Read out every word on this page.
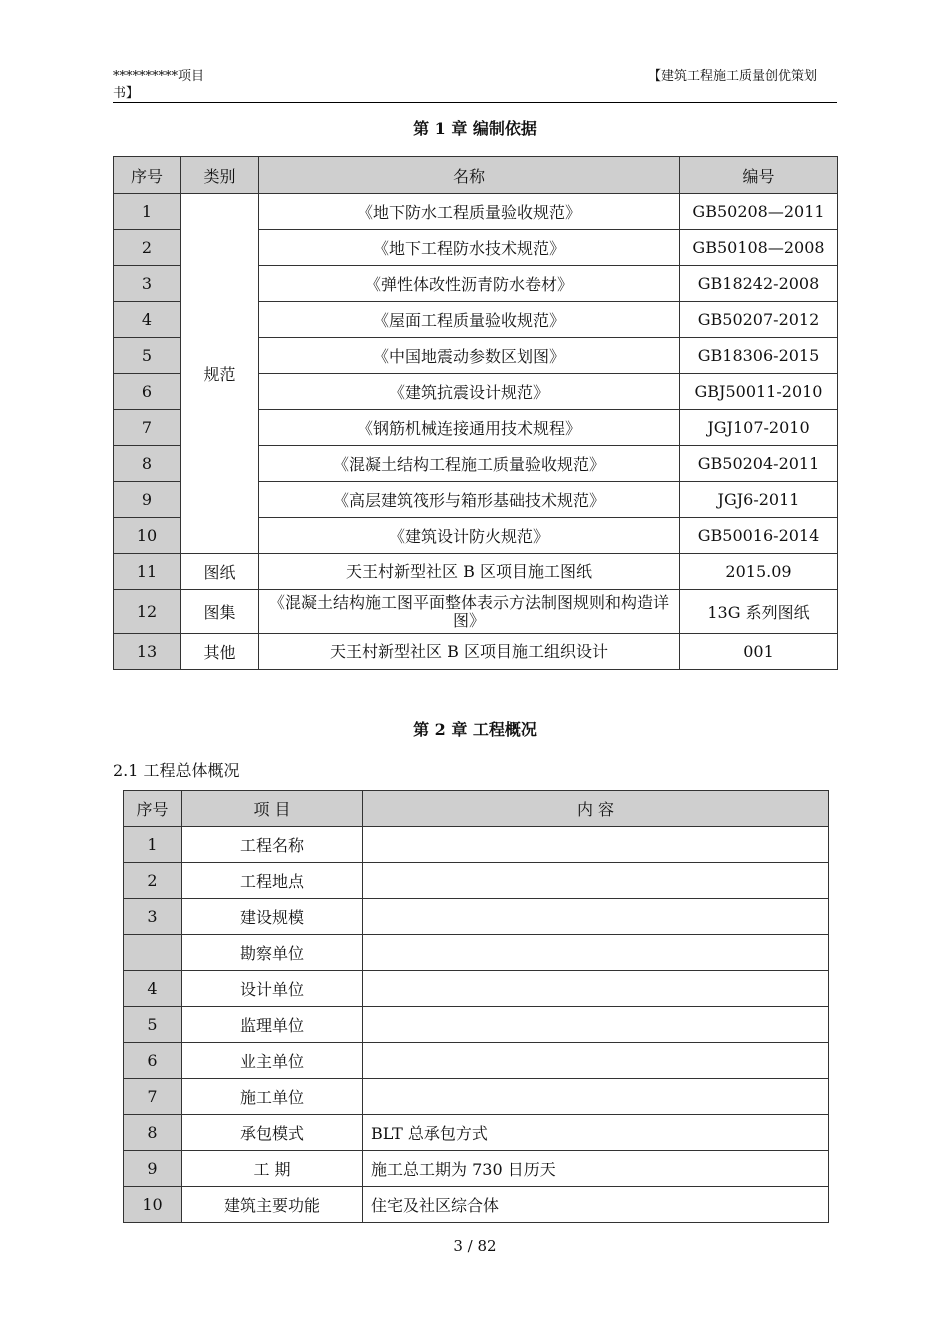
**********项目
书】
【建筑工程施工质量创优策划
第 1 章 编制依据
序号	类别	名称	编号
1	规范	《地下防水工程质量验收规范》	GB50208—2011
2		《地下工程防水技术规范》	GB50108—2008
3		《弹性体改性沥青防水卷材》	GB18242-2008
4		《屋面工程质量验收规范》	GB50207-2012
5		《中国地震动参数区划图》	GB18306-2015
6		《建筑抗震设计规范》	GBJ50011-2010
7		《钢筋机械连接通用技术规程》	JGJ107-2010
8		《混凝土结构工程施工质量验收规范》	GB50204-2011
9		《高层建筑筏形与箱形基础技术规范》	JGJ6-2011
10		《建筑设计防火规范》	GB50016-2014
11	图纸	天王村新型社区 B 区项目施工图纸	2015.09
12	图集	《混凝土结构施工图平面整体表示方法制图规则和构造详图》	13G 系列图纸
13	其他	天王村新型社区 B 区项目施工组织设计	001
第 2 章 工程概况
2.1 工程总体概况
序号	项 目	内 容
1	工程名称	
2	工程地点	
3	建设规模	
	勘察单位	
4	设计单位	
5	监理单位	
6	业主单位	
7	施工单位	
8	承包模式	BLT 总承包方式
9	工 期	施工总工期为 730 日历天
10	建筑主要功能	住宅及社区综合体
3 / 82
